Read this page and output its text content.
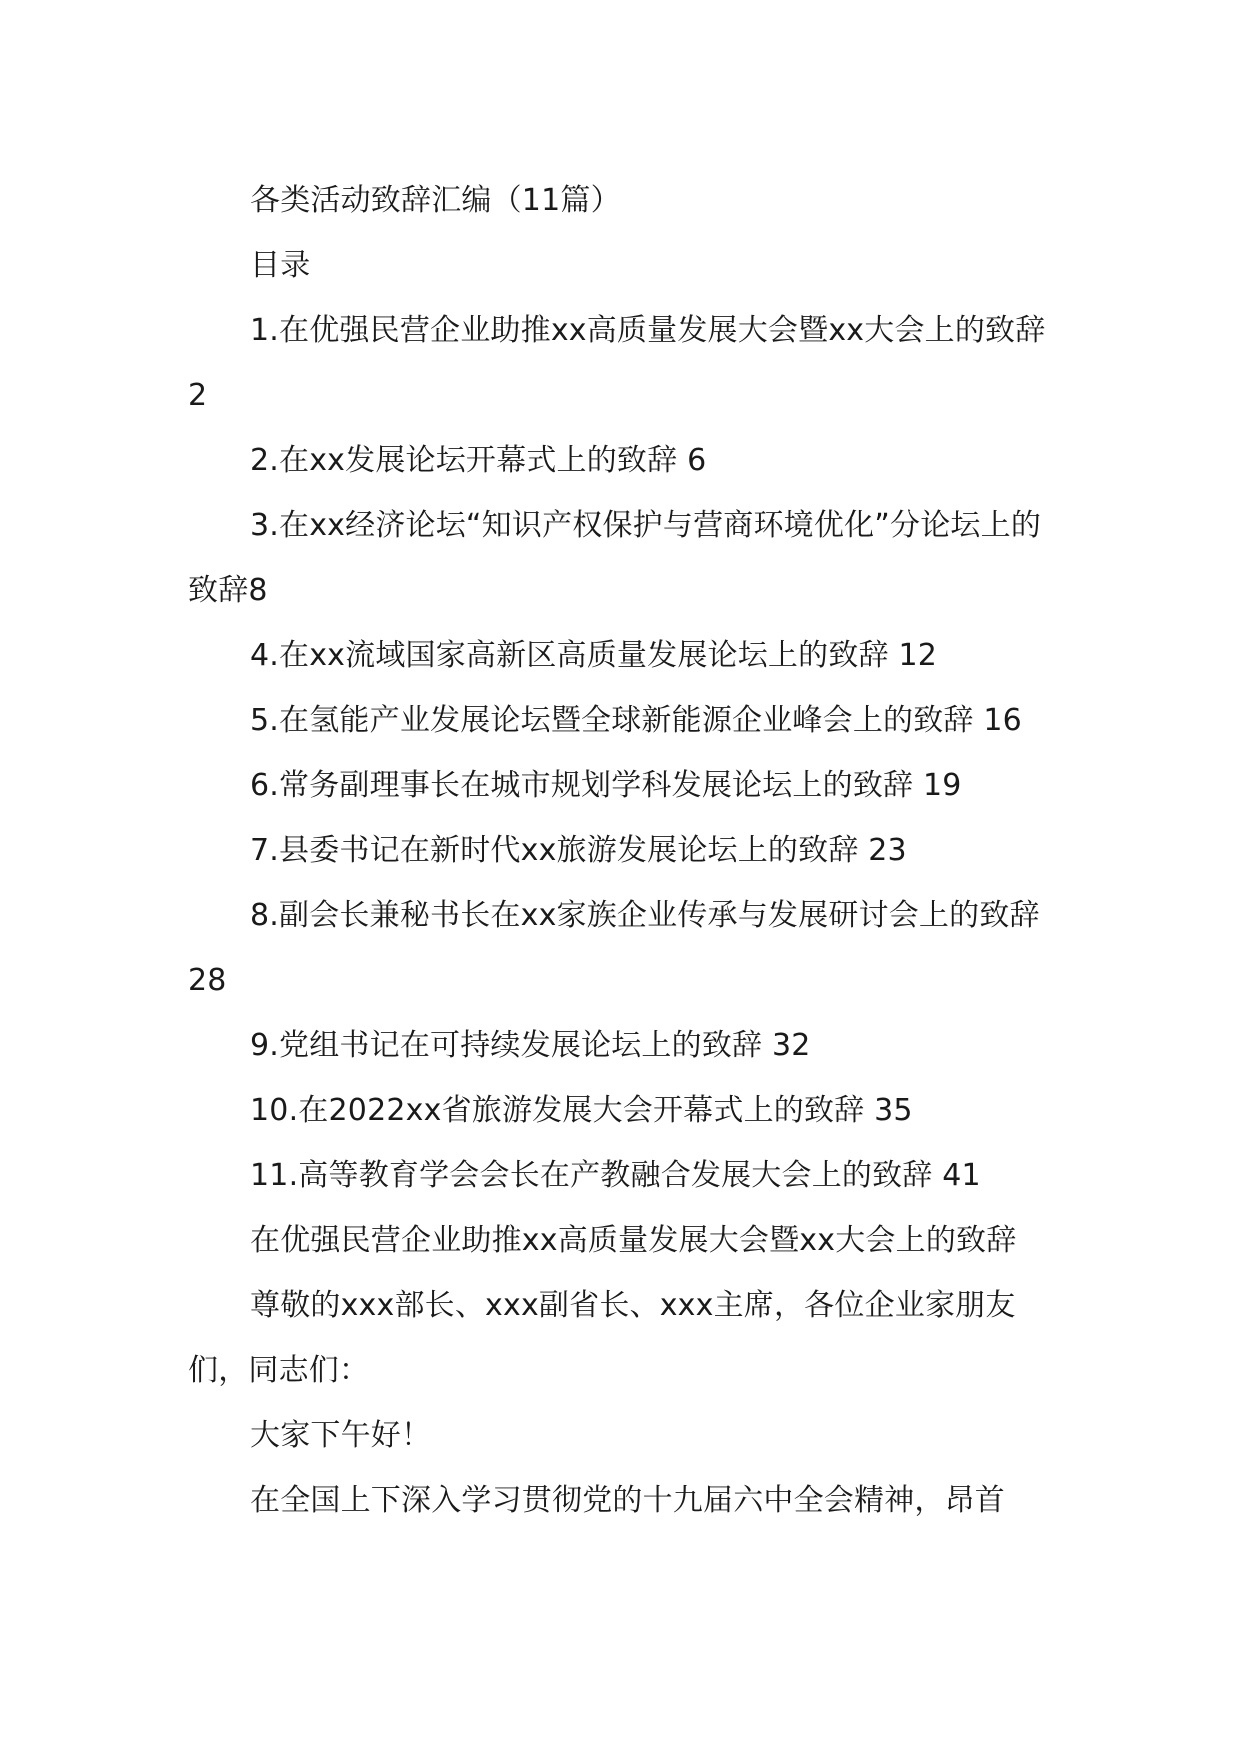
各类活动致辞汇编（11篇）

目录

1.在优强民营企业助推xx高质量发展大会暨xx大会上的致辞 2

2.在xx发展论坛开幕式上的致辞 6

3.在xx经济论坛“知识产权保护与营商环境优化”分论坛上的致辞8

4.在xx流域国家高新区高质量发展论坛上的致辞 12

5.在氢能产业发展论坛暨全球新能源企业峰会上的致辞 16

6.常务副理事长在城市规划学科发展论坛上的致辞 19

7.县委书记在新时代xx旅游发展论坛上的致辞 23

8.副会长兼秘书长在xx家族企业传承与发展研讨会上的致辞 28

9.党组书记在可持续发展论坛上的致辞 32

10.在2022xx省旅游发展大会开幕式上的致辞 35

11.高等教育学会会长在产教融合发展大会上的致辞 41

在优强民营企业助推xx高质量发展大会暨xx大会上的致辞

尊敬的xxx部长、xxx副省长、xxx主席，各位企业家朋友们，同志们：

大家下午好！

在全国上下深入学习贯彻党的十九届六中全会精神，昂首
